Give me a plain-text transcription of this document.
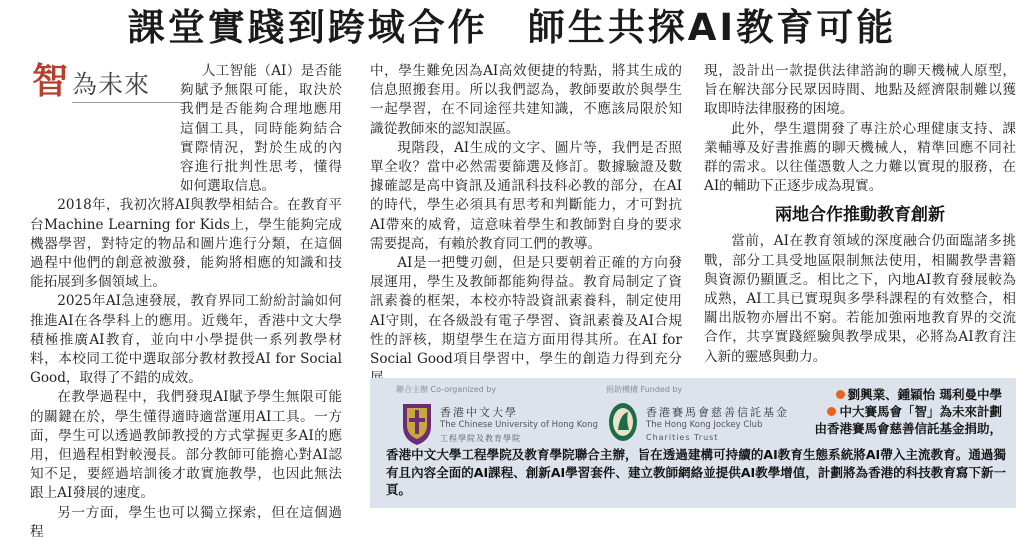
課堂實踐到跨域合作　師生共探AI教育可能
智 為未來	人工智能（AI）是否能夠賦予無限可能，取決於我們是否能夠合理地應用這個工具，同時能夠結合實際情況，對於生成的內容進行批判性思考，懂得如何選取信息。

2018年，我初次將AI與教學相結合。在教育平台Machine Learning for Kids上，學生能夠完成機器學習，對特定的物品和圖片進行分類，在這個過程中他們的創意被激發，能夠將相應的知識和技能拓展到多個領域上。

2025年AI急速發展，教育界同工紛紛討論如何推進AI在各學科上的應用。近幾年，香港中文大學積極推廣AI教育，並向中小學提供一系列教學材料，本校同工從中選取部分教材教授AI for Social Good，取得了不錯的成效。

在教學過程中，我們發現AI賦予學生無限可能的關鍵在於，學生懂得適時適當運用AI工具。一方面，學生可以透過教師教授的方式掌握更多AI的應用，但過程相對較漫長。部分教師可能擔心對AI認知不足，要經過培訓後才敢實施教學，也因此無法跟上AI發展的速度。

另一方面，學生也可以獨立探索，但在這個過程

中，學生難免因為AI高效便捷的特點，將其生成的信息照搬套用。所以我們認為，教師要敢於與學生一起學習，在不同途徑共建知識，不應該局限於知識從教師來的認知誤區。

現階段，AI生成的文字、圖片等，我們是否照單全收？當中必然需要篩選及修訂。數據驗證及數據確認是高中資訊及通訊科技科必教的部分，在AI的時代，學生必須具有思考和判斷能力，才可對抗AI帶來的威脅，這意味着學生和教師對自身的要求需要提高，有賴於教育同工們的教導。

AI是一把雙刃劍，但是只要朝着正確的方向發展運用，學生及教師都能夠得益。教育局制定了資訊素養的框架，本校亦特設資訊素養科，制定使用AI守則，在各級設有電子學習、資訊素養及AI合規性的評核，期望學生在這方面用得其所。在AI for Social Good項目學習中，學生的創造力得到充分

現，設計出一款提供法律諮詢的聊天機械人原型，旨在解決部分民眾因時間、地點及經濟限制難以獲取即時法律服務的困境。

此外，學生還開發了專注於心理健康支持、課業輔導及好書推薦的聊天機械人，精準回應不同社群的需求。以往僅憑數人之力難以實現的服務，在AI的輔助下正逐步成為現實。

兩地合作推動教育創新

當前，AI在教育領域的深度融合仍面臨諸多挑戰，部分工具受地區限制無法使用，相關教學書籍與資源仍顯匱乏。相比之下，內地AI教育發展較為成熟，AI工具已實現與多學科課程的有效整合，相關出版物亦層出不窮。若能加強兩地教育界的交流合作，共享實踐經驗與教學成果，必將為AI教育注入新的靈感與動力。

聯合主辦 Co-organized by	捐助機構 Funded by
香港中文大學
The Chinese University of Hong Kong
工程學院及教育學院
香港賽馬會慈善信託基金
The Hong Kong Jockey Club
Charities Trust
劉興業、鍾穎怡 瑪利曼中學
中大賽馬會「智」為未來計劃
由香港賽馬會慈善信託基金捐助，
香港中文大學工程學院及教育學院聯合主辦，旨在透過建構可持續的AI教育生態系統將AI帶入主流教育。通過獨有且內容全面的AI課程、創新AI學習套件、建立教師網絡並提供AI教學增值，計劃將為香港的科技教育寫下新一頁。
